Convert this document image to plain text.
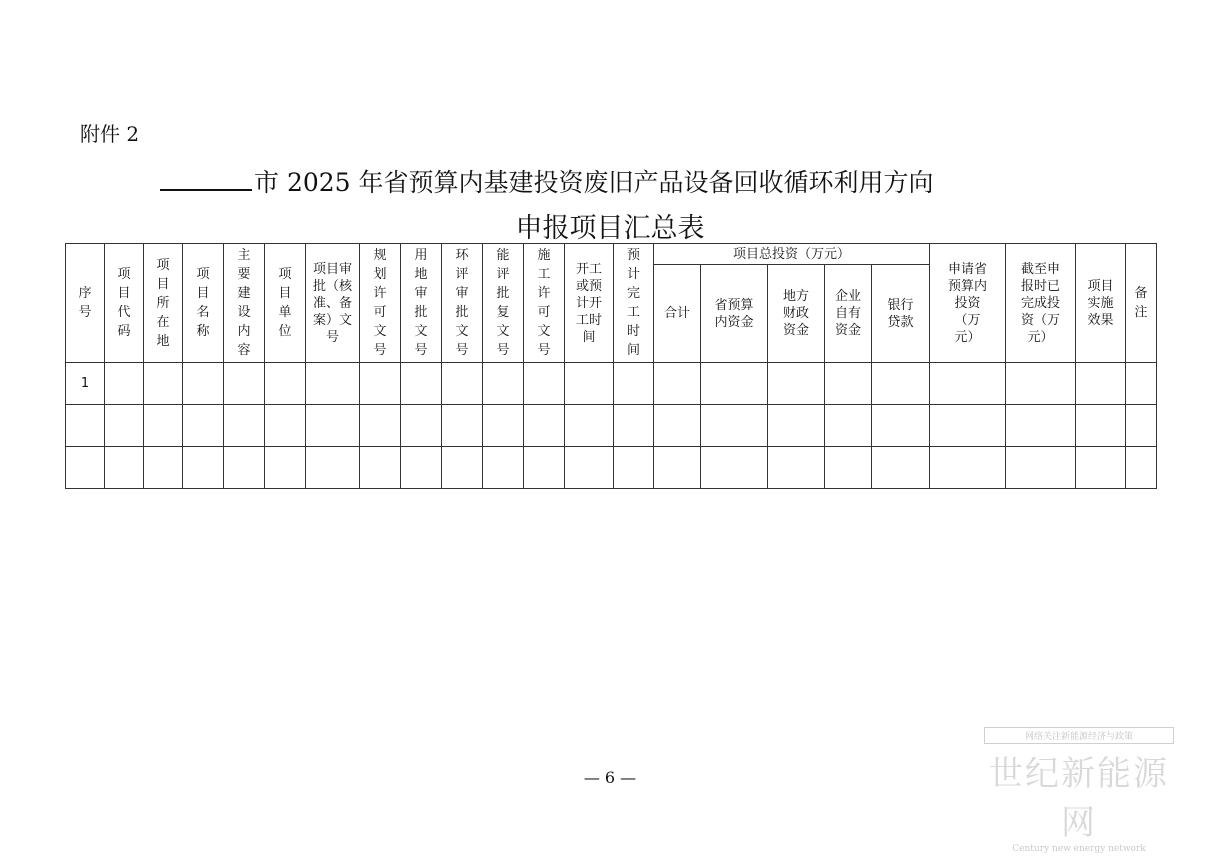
附件 2
市 2025 年省预算内基建投资废旧产品设备回收循环利用方向
申报项目汇总表
序号	项目代码	项目所在地	项目名称	主要建设内容	项目单位	项目审批（核准、备案）文号	规划许可文号	用地审批文号	环评审批文号	能评批复文号	施工许可文号	开工或预计开工时间	预计完工时间	项目总投资（万元）					申请省预算内投资（万元）	截至申报时已完成投资（万元）	项目实施效果	备注
														合计	省预算内资金	地方财政资金	企业自有资金	银行贷款				
1																						

— 6 —
网络关注新能源经济与政策
世纪新能源网
Century new energy network
